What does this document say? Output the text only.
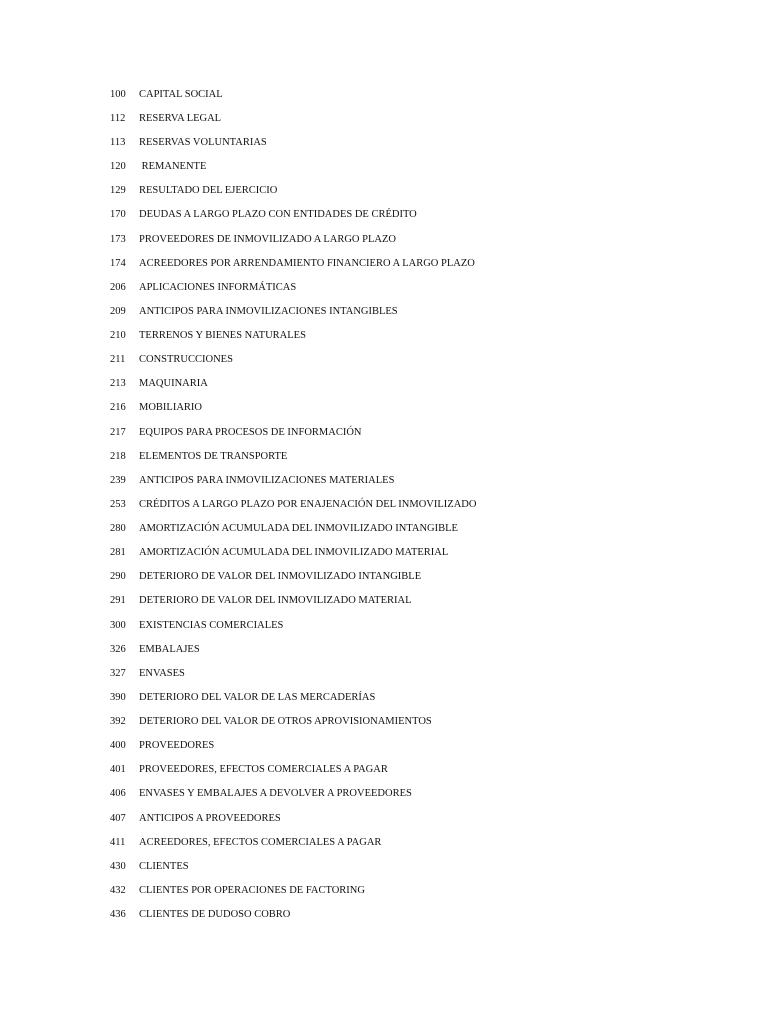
100	CAPITAL SOCIAL
112	RESERVA LEGAL
113	RESERVAS VOLUNTARIAS
120	REMANENTE
129	RESULTADO DEL EJERCICIO
170	DEUDAS A LARGO PLAZO CON ENTIDADES DE CRÉDITO
173	PROVEEDORES DE INMOVILIZADO A LARGO PLAZO
174	ACREEDORES POR ARRENDAMIENTO FINANCIERO A LARGO PLAZO
206	APLICACIONES INFORMÁTICAS
209	ANTICIPOS PARA INMOVILIZACIONES INTANGIBLES
210	TERRENOS Y BIENES NATURALES
211	CONSTRUCCIONES
213	MAQUINARIA
216	MOBILIARIO
217	EQUIPOS PARA PROCESOS DE INFORMACIÓN
218	ELEMENTOS DE TRANSPORTE
239	ANTICIPOS PARA INMOVILIZACIONES MATERIALES
253	CRÉDITOS A LARGO PLAZO POR ENAJENACIÓN DEL INMOVILIZADO
280	AMORTIZACIÓN ACUMULADA DEL INMOVILIZADO INTANGIBLE
281	AMORTIZACIÓN ACUMULADA DEL INMOVILIZADO MATERIAL
290	DETERIORO DE VALOR DEL INMOVILIZADO INTANGIBLE
291	DETERIORO DE VALOR DEL INMOVILIZADO MATERIAL
300	EXISTENCIAS COMERCIALES
326	EMBALAJES
327	ENVASES
390	DETERIORO DEL VALOR DE LAS MERCADERÍAS
392	DETERIORO DEL VALOR DE OTROS APROVISIONAMIENTOS
400	PROVEEDORES
401	PROVEEDORES, EFECTOS COMERCIALES A PAGAR
406	ENVASES Y EMBALAJES A DEVOLVER A PROVEEDORES
407	ANTICIPOS A PROVEEDORES
411	ACREEDORES, EFECTOS COMERCIALES A PAGAR
430	CLIENTES
432	CLIENTES POR OPERACIONES DE FACTORING
436	CLIENTES DE DUDOSO COBRO
